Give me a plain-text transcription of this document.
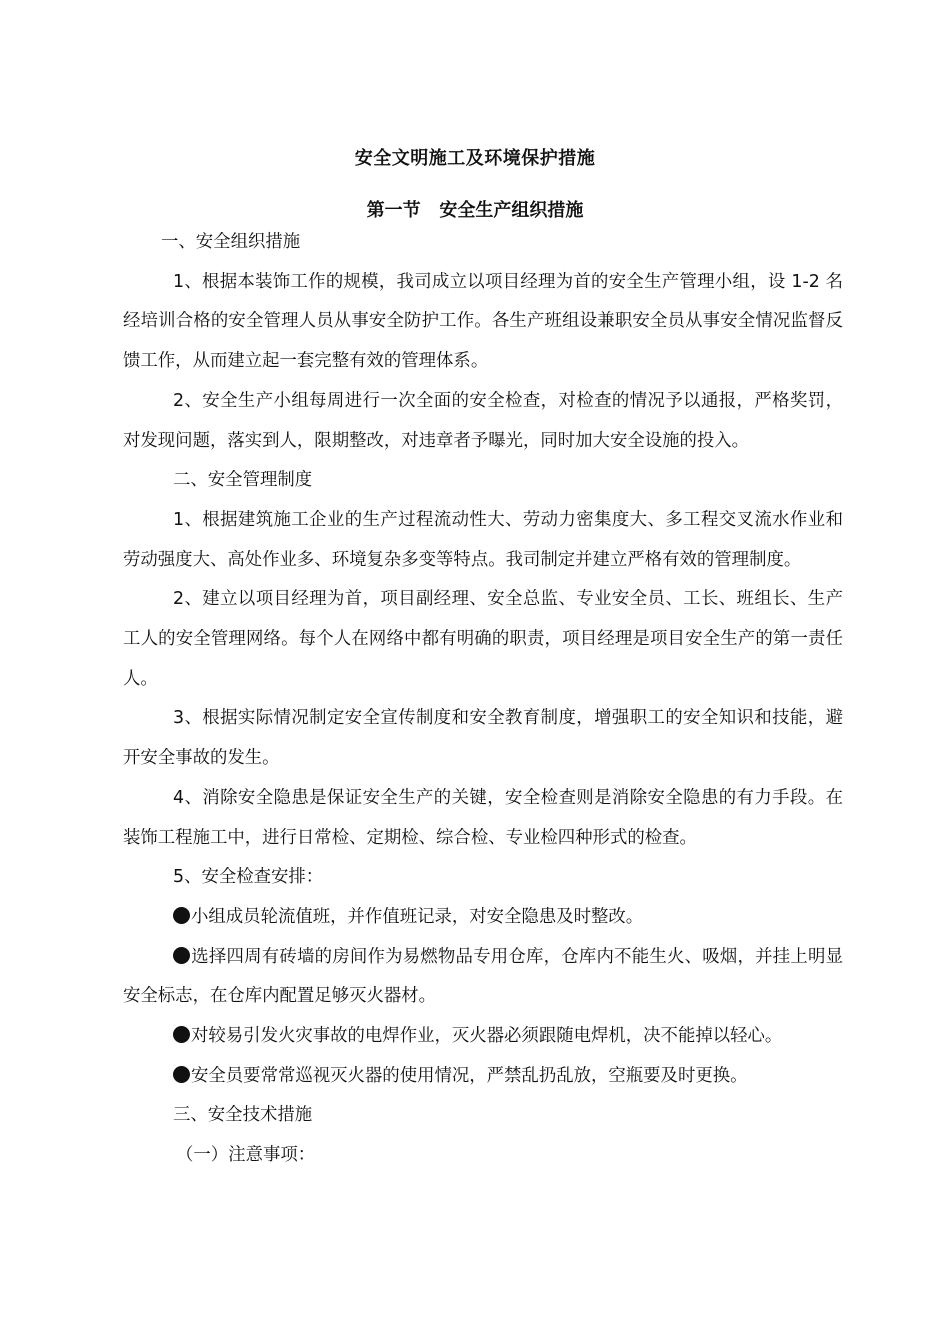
安全文明施工及环境保护措施
第一节   安全生产组织措施

一、安全组织措施

1、根据本装饰工作的规模，我司成立以项目经理为首的安全生产管理小组，设 1-2 名经培训合格的安全管理人员从事安全防护工作。各生产班组设兼职安全员从事安全情况监督反馈工作，从而建立起一套完整有效的管理体系。

2、安全生产小组每周进行一次全面的安全检查，对检查的情况予以通报，严格奖罚，对发现问题，落实到人，限期整改，对违章者予曝光，同时加大安全设施的投入。

二、安全管理制度

1、根据建筑施工企业的生产过程流动性大、劳动力密集度大、多工程交叉流水作业和劳动强度大、高处作业多、环境复杂多变等特点。我司制定并建立严格有效的管理制度。

2、建立以项目经理为首，项目副经理、安全总监、专业安全员、工长、班组长、生产工人的安全管理网络。每个人在网络中都有明确的职责，项目经理是项目安全生产的第一责任人。

3、根据实际情况制定安全宣传制度和安全教育制度，增强职工的安全知识和技能，避开安全事故的发生。

4、消除安全隐患是保证安全生产的关键，安全检查则是消除安全隐患的有力手段。在装饰工程施工中，进行日常检、定期检、综合检、专业检四种形式的检查。

5、安全检查安排：

小组成员轮流值班，并作值班记录，对安全隐患及时整改。

选择四周有砖墙的房间作为易燃物品专用仓库，仓库内不能生火、吸烟，并挂上明显安全标志，在仓库内配置足够灭火器材。

对较易引发火灾事故的电焊作业，灭火器必须跟随电焊机，决不能掉以轻心。

安全员要常常巡视灭火器的使用情况，严禁乱扔乱放，空瓶要及时更换。

三、安全技术措施

（一）注意事项：
